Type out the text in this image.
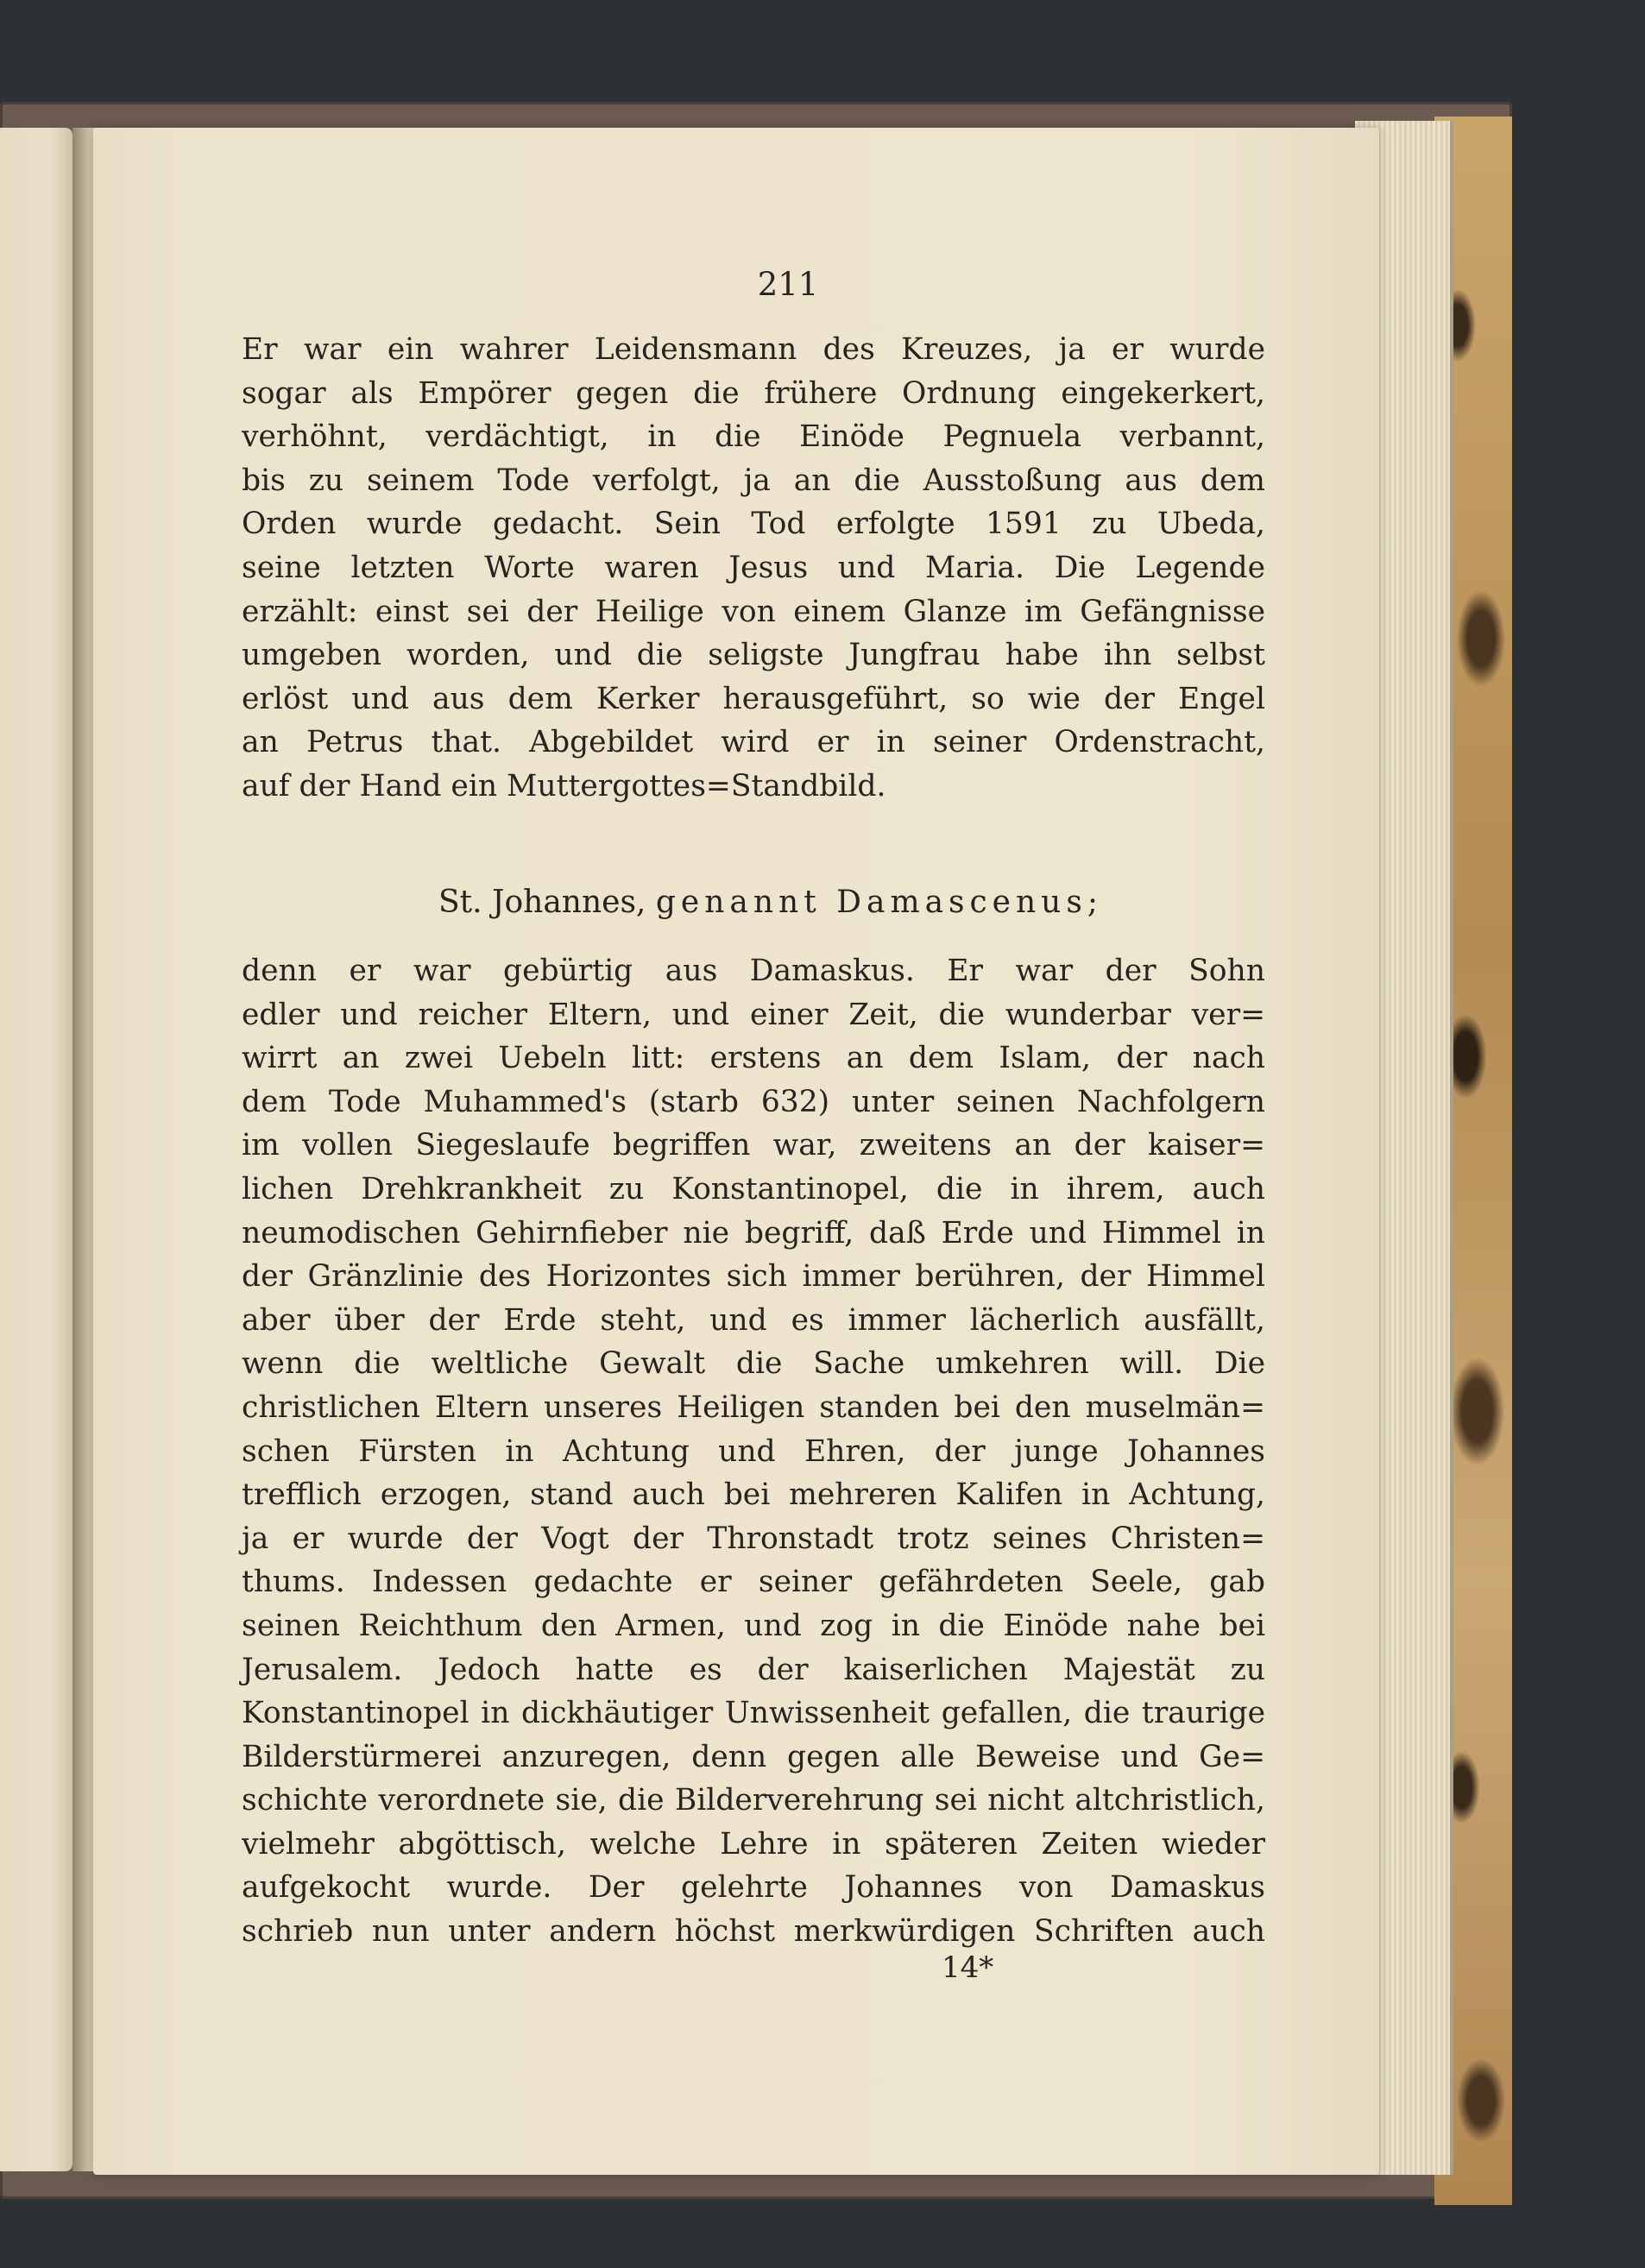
211
Er war ein wahrer Leidensmann des Kreuzes, ja er wurde
sogar als Empörer gegen die frühere Ordnung eingekerkert,
verhöhnt, verdächtigt, in die Einöde Pegnuela verbannt,
bis zu seinem Tode verfolgt, ja an die Ausstoßung aus dem
Orden wurde gedacht. Sein Tod erfolgte 1591 zu Ubeda,
seine letzten Worte waren Jesus und Maria. Die Legende
erzählt: einst sei der Heilige von einem Glanze im Gefängnisse
umgeben worden, und die seligste Jungfrau habe ihn selbst
erlöst und aus dem Kerker herausgeführt, so wie der Engel
an Petrus that. Abgebildet wird er in seiner Ordenstracht,
auf der Hand ein Muttergottes=Standbild.
St. Johannes, genannt Damascenus;
denn er war gebürtig aus Damaskus. Er war der Sohn
edler und reicher Eltern, und einer Zeit, die wunderbar ver=
wirrt an zwei Uebeln litt: erstens an dem Islam, der nach
dem Tode Muhammed's (starb 632) unter seinen Nachfolgern
im vollen Siegeslaufe begriffen war, zweitens an der kaiser=
lichen Drehkrankheit zu Konstantinopel, die in ihrem, auch
neumodischen Gehirnfieber nie begriff, daß Erde und Himmel in
der Gränzlinie des Horizontes sich immer berühren, der Himmel
aber über der Erde steht, und es immer lächerlich ausfällt,
wenn die weltliche Gewalt die Sache umkehren will. Die
christlichen Eltern unseres Heiligen standen bei den muselmän=
schen Fürsten in Achtung und Ehren, der junge Johannes
trefflich erzogen, stand auch bei mehreren Kalifen in Achtung,
ja er wurde der Vogt der Thronstadt trotz seines Christen=
thums. Indessen gedachte er seiner gefährdeten Seele, gab
seinen Reichthum den Armen, und zog in die Einöde nahe bei
Jerusalem. Jedoch hatte es der kaiserlichen Majestät zu
Konstantinopel in dickhäutiger Unwissenheit gefallen, die traurige
Bilderstürmerei anzuregen, denn gegen alle Beweise und Ge=
schichte verordnete sie, die Bilderverehrung sei nicht altchristlich,
vielmehr abgöttisch, welche Lehre in späteren Zeiten wieder
aufgekocht wurde. Der gelehrte Johannes von Damaskus
schrieb nun unter andern höchst merkwürdigen Schriften auch
14*
